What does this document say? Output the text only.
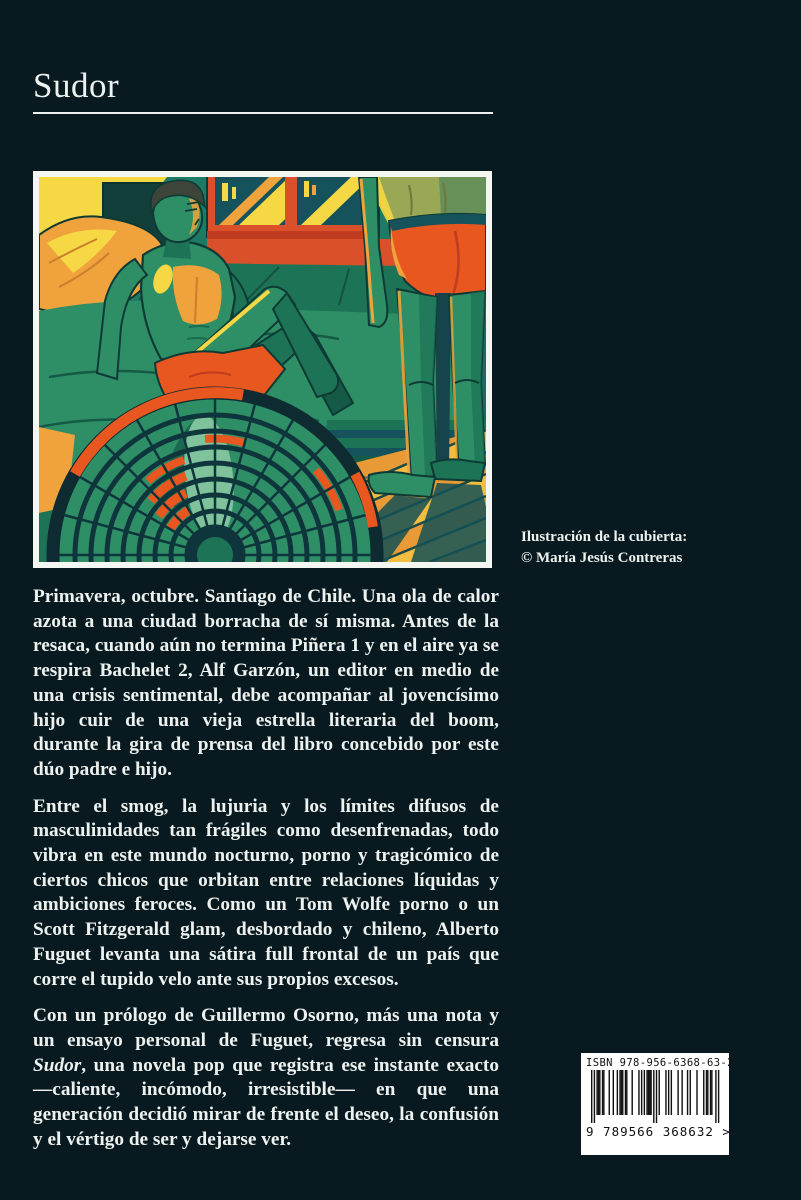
Sudor
Ilustración de la cubierta:
© María Jesús Contreras

Primavera, octubre. Santiago de Chile. Una ola de calor azota a una ciudad borracha de sí misma. Antes de la resaca, cuando aún no termina Piñera 1 y en el aire ya se respira Bachelet 2, Alf Garzón, un editor en medio de una crisis sentimental, debe acompañar al jovencísimo hijo cuir de una vieja estrella literaria del boom, durante la gira de prensa del libro concebido por este dúo padre e hijo.

Entre el smog, la lujuria y los límites difusos de masculinidades tan frágiles como desenfrenadas, todo vibra en este mundo nocturno, porno y tragicómico de ciertos chicos que orbitan entre relaciones líquidas y ambiciones feroces. Como un Tom Wolfe porno o un Scott Fitzgerald glam, desbordado y chileno, Alberto Fuguet levanta una sátira full frontal de un país que corre el tupido velo ante sus propios excesos.

Con un prólogo de Guillermo Osorno, más una nota y un ensayo personal de Fuguet, regresa sin censura Sudor, una novela pop que registra ese instante exacto —caliente, incómodo, irresistible— en que una generación decidió mirar de frente el deseo, la confusión y el vértigo de ser y dejarse ver.

ISBN 978-956-6368-63-2
9 789566 368632 >
